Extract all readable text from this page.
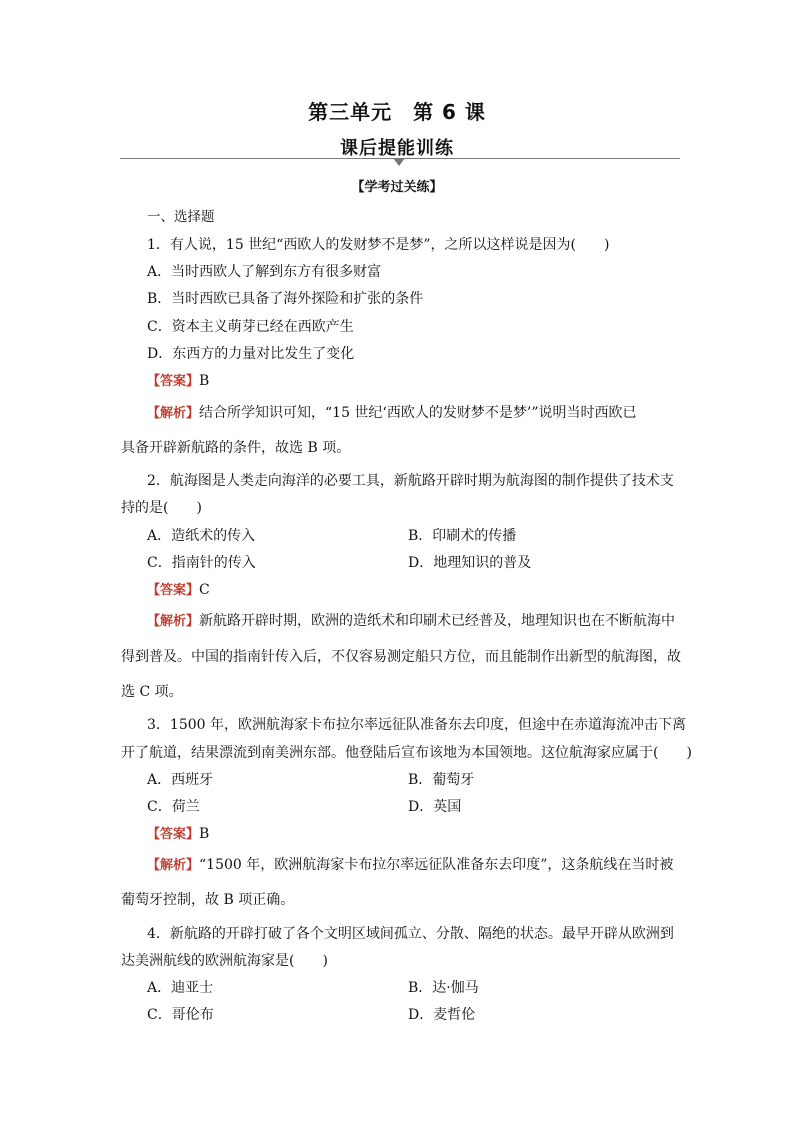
第三单元　第 6 课
课后提能训练
【学考过关练】
一、选择题
1．有人说，15 世纪“西欧人的发财梦不是梦”，之所以这样说是因为(　　)
A．当时西欧人了解到东方有很多财富
B．当时西欧已具备了海外探险和扩张的条件
C．资本主义萌芽已经在西欧产生
D．东西方的力量对比发生了变化
【答案】B
【解析】结合所学知识可知，“15 世纪‘西欧人的发财梦不是梦’”说明当时西欧已
具备开辟新航路的条件，故选 B 项。
2．航海图是人类走向海洋的必要工具，新航路开辟时期为航海图的制作提供了技术支
持的是(　　)
A．造纸术的传入	B．印刷术的传播
C．指南针的传入	D．地理知识的普及
【答案】C
【解析】新航路开辟时期，欧洲的造纸术和印刷术已经普及，地理知识也在不断航海中
得到普及。中国的指南针传入后，不仅容易测定船只方位，而且能制作出新型的航海图，故
选 C 项。
3．1500 年，欧洲航海家卡布拉尔率远征队准备东去印度，但途中在赤道海流冲击下离
开了航道，结果漂流到南美洲东部。他登陆后宣布该地为本国领地。这位航海家应属于(　　)
A．西班牙	B．葡萄牙
C．荷兰	D．英国
【答案】B
【解析】“1500 年，欧洲航海家卡布拉尔率远征队准备东去印度”，这条航线在当时被
葡萄牙控制，故 B 项正确。
4．新航路的开辟打破了各个文明区域间孤立、分散、隔绝的状态。最早开辟从欧洲到
达美洲航线的欧洲航海家是(　　)
A．迪亚士	B．达·伽马
C．哥伦布	D．麦哲伦
